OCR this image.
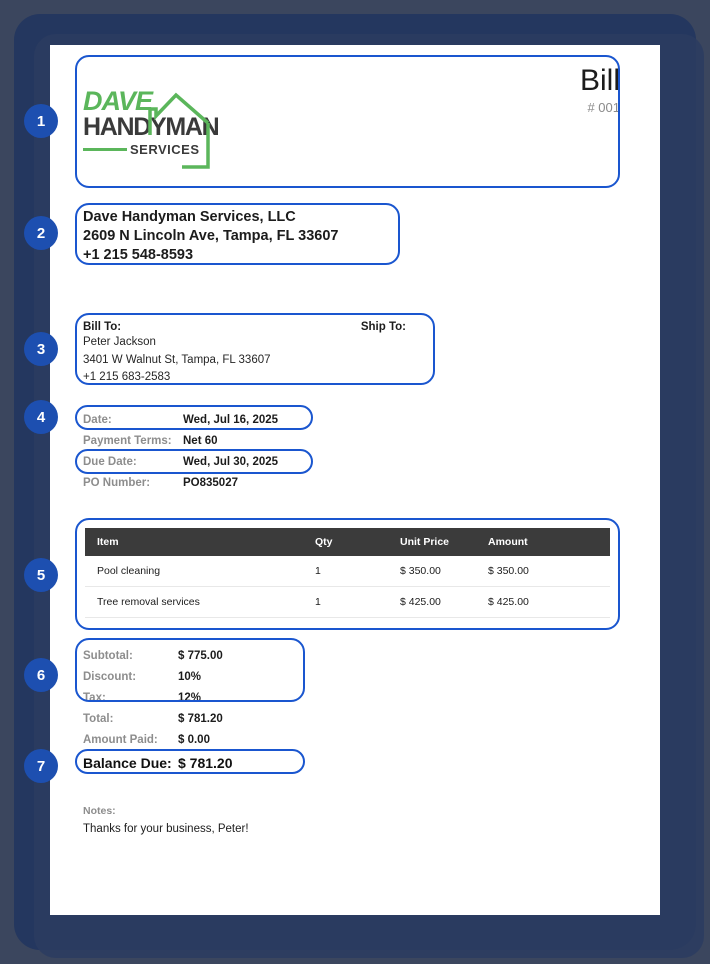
1
2
3
4
5
6
7
DAVE
HANDYMAN
SERVICES
Bill
# 001
Dave Handyman Services, LLC
2609 N Lincoln Ave, Tampa, FL 33607
+1 215 548-8593
Bill To:	Ship To:
Peter Jackson
3401 W Walnut St, Tampa, FL 33607
+1 215 683-2583
Date:	Wed, Jul 16, 2025
Payment Terms: Net 60
Due Date:	Wed, Jul 30, 2025
PO Number:	PO835027
Item	Qty	Unit Price	Amount
Pool cleaning	1	$ 350.00	$ 350.00
Tree removal services	1	$ 425.00	$ 425.00
Subtotal:	$ 775.00
Discount:	10%
Tax:	12%
Total:	$ 781.20
Amount Paid:	$ 0.00
Balance Due: $ 781.20
Notes:
Thanks for your business, Peter!
